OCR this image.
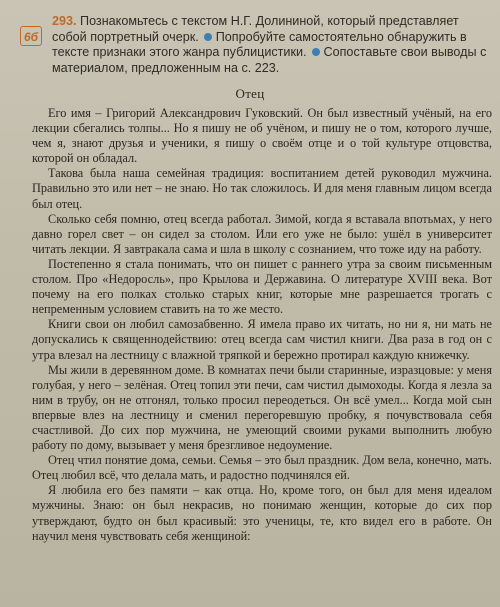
6б
293. Познакомьтесь с текстом Н.Г. Долининой, который представляет собой портретный очерк. Попробуйте самостоятельно обнаружить в тексте признаки этого жанра публицистики. Сопоставьте свои выводы с материалом, предложенным на с. 223.
Отец

Его имя – Григорий Александрович Гуковский. Он был известный учёный, на его лекции сбегались толпы... Но я пишу не об учёном, и пишу не о том, которого лучше, чем я, знают друзья и ученики, я пишу о своём отце и о той культуре отцовства, которой он обладал.

Такова была наша семейная традиция: воспитанием детей руководил мужчина. Правильно это или нет – не знаю. Но так сложилось. И для меня главным лицом всегда был отец.

Сколько себя помню, отец всегда работал. Зимой, когда я вставала впотьмах, у него давно горел свет – он сидел за столом. Или его уже не было: ушёл в университет читать лекции. Я завтракала сама и шла в школу с сознанием, что тоже иду на работу.

Постепенно я стала понимать, что он пишет с раннего утра за своим письменным столом. Про «Недоросль», про Крылова и Державина. О литературе XVIII века. Вот почему на его полках столько старых книг, которые мне разрешается трогать с непременным условием ставить на то же место.

Книги свои он любил самозабвенно. Я имела право их читать, но ни я, ни мать не допускались к священнодействию: отец всегда сам чистил книги. Два раза в год он с утра влезал на лестницу с влажной тряпкой и бережно протирал каждую книжечку.

Мы жили в деревянном доме. В комнатах печи были старинные, изразцовые: у меня голубая, у него – зелёная. Отец топил эти печи, сам чистил дымоходы. Когда я лезла за ним в трубу, он не отгонял, только просил переодеться. Он всё умел... Когда мой сын впервые влез на лестницу и сменил перегоревшую пробку, я почувствовала себя счастливой. До сих пор мужчина, не умеющий своими руками выполнить любую работу по дому, вызывает у меня брезгливое недоумение.

Отец чтил понятие дома, семьи. Семья – это был праздник. Дом вела, конечно, мать. Отец любил всё, что делала мать, и радостно подчинялся ей.

Я любила его без памяти – как отца. Но, кроме того, он был для меня идеалом мужчины. Знаю: он был некрасив, но понимаю женщин, которые до сих пор утверждают, будто он был красивый: это ученицы, те, кто видел его в работе. Он научил меня чувствовать себя женщиной:
